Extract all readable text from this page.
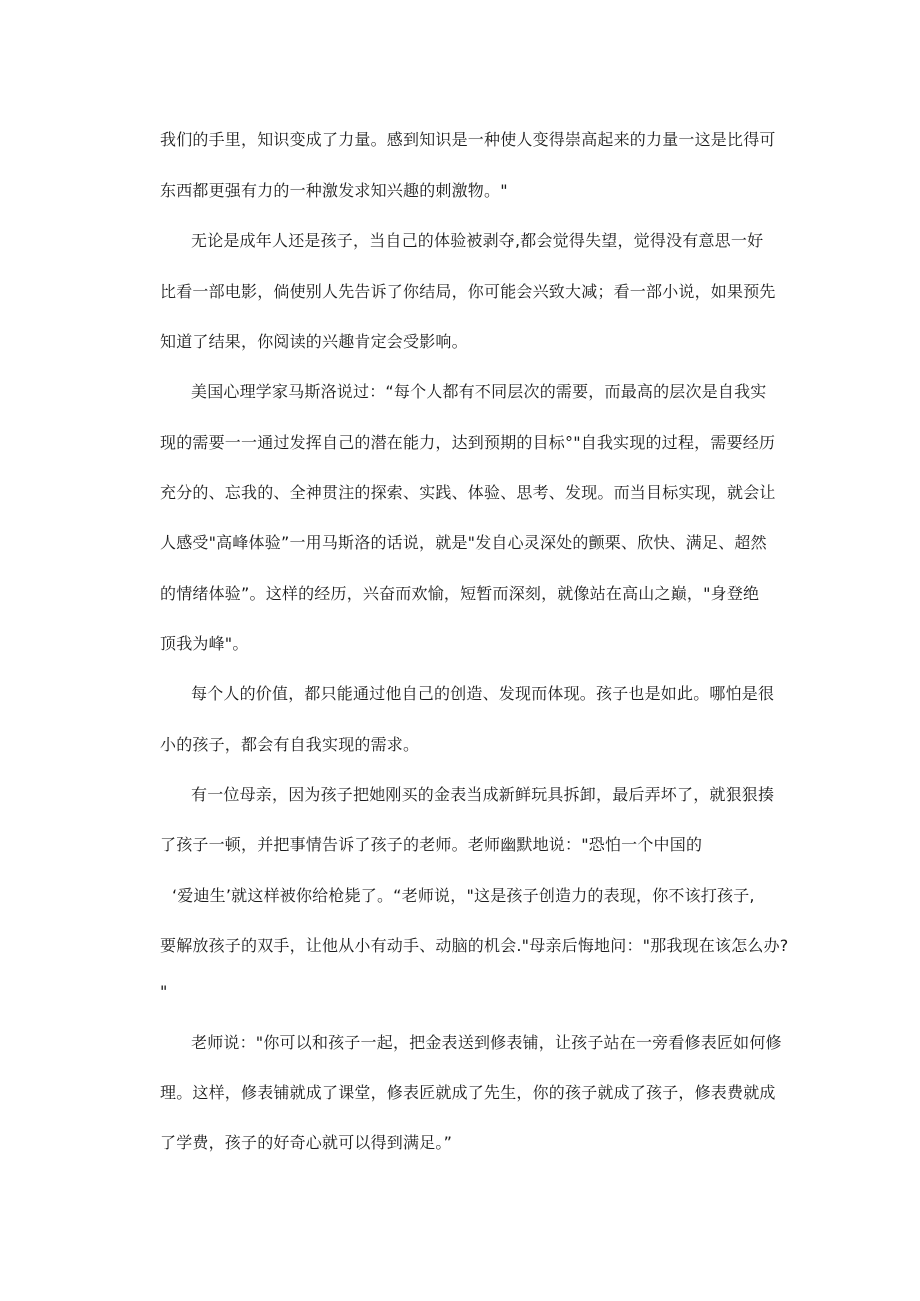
我们的手里，知识变成了力量。感到知识是一种使人变得崇高起来的力量一这是比得可
东西都更强有力的一种激发求知兴趣的刺激物。"
无论是成年人还是孩子，当自己的体验被剥夺,都会觉得失望，觉得没有意思一好
比看一部电影，倘使别人先告诉了你结局，你可能会兴致大减；看一部小说，如果预先
知道了结果，你阅读的兴趣肯定会受影响。
美国心理学家马斯洛说过：“每个人都有不同层次的需要，而最高的层次是自我实
现的需要一一通过发挥自己的潜在能力，达到预期的目标°"自我实现的过程，需要经历
充分的、忘我的、全神贯注的探索、实践、体验、思考、发现。而当目标实现，就会让
人感受"高峰体验”一用马斯洛的话说，就是"发自心灵深处的颤栗、欣快、满足、超然
的情绪体验”。这样的经历，兴奋而欢愉，短暂而深刻，就像站在高山之巅，"身登绝
顶我为峰"。
每个人的价值，都只能通过他自己的创造、发现而体现。孩子也是如此。哪怕是很
小的孩子，都会有自我实现的需求。
有一位母亲，因为孩子把她刚买的金表当成新鲜玩具拆卸，最后弄坏了，就狠狠揍
了孩子一顿，并把事情告诉了孩子的老师。老师幽默地说："恐怕一个中国的
‘爱迪生’就这样被你给枪毙了。“老师说，"这是孩子创造力的表现，你不该打孩子,
要解放孩子的双手，让他从小有动手、动脑的机会."母亲后悔地问："那我现在该怎么办?
"
老师说："你可以和孩子一起，把金表送到修表铺，让孩子站在一旁看修表匠如何修
理。这样，修表铺就成了课堂，修表匠就成了先生，你的孩子就成了孩子，修表费就成
了学费，孩子的好奇心就可以得到满足。”
